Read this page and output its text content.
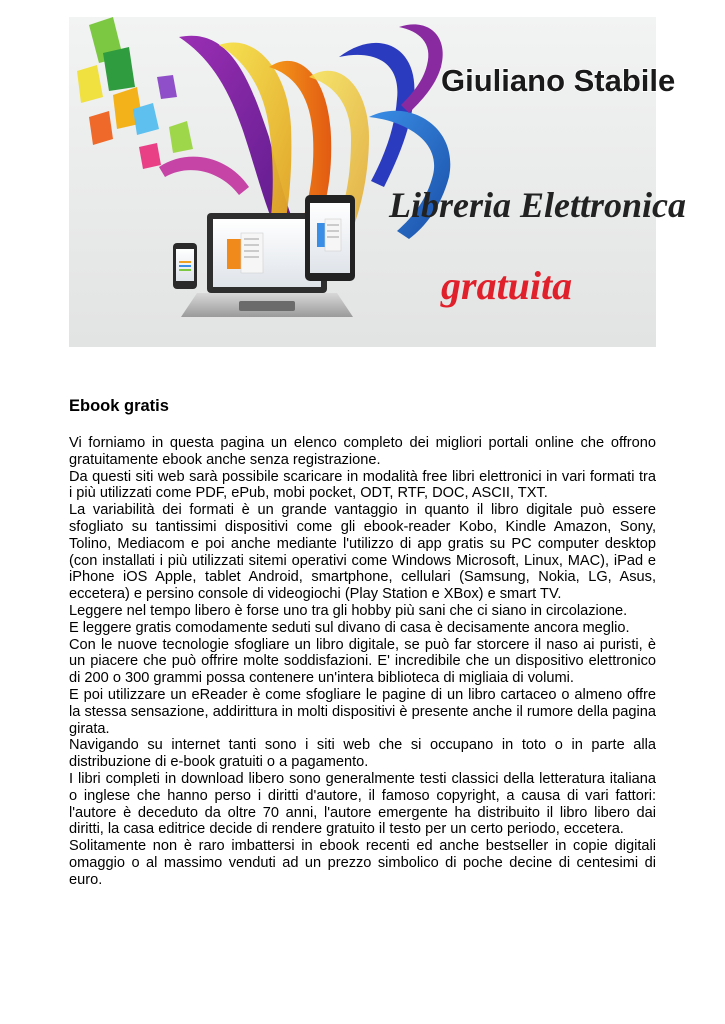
Giuliano Stabile
Libreria Elettronica
gratuita
Ebook gratis

Vi forniamo in questa pagina un elenco completo dei migliori portali online che offrono gratuitamente ebook anche senza registrazione.

Da questi siti web sarà possibile scaricare in modalità free libri elettronici in vari formati tra i più utilizzati come PDF, ePub, mobi pocket, ODT, RTF, DOC, ASCII, TXT.

La variabilità dei formati è un grande vantaggio in quanto il libro digitale può essere sfogliato su tantissimi dispositivi come gli ebook-reader Kobo, Kindle Amazon, Sony, Tolino, Mediacom e poi anche mediante l'utilizzo di app gratis su PC computer desktop (con installati i più utilizzati sitemi operativi come Windows Microsoft, Linux, MAC), iPad e iPhone iOS Apple, tablet Android, smartphone, cellulari (Samsung, Nokia, LG, Asus, eccetera) e persino console di videogiochi (Play Station e XBox) e smart TV.

Leggere nel tempo libero è forse uno tra gli hobby più sani che ci siano in circolazione.

E leggere gratis comodamente seduti sul divano di casa è decisamente ancora meglio.

Con le nuove tecnologie sfogliare un libro digitale, se può far storcere il naso ai puristi, è un piacere che può offrire molte soddisfazioni. E' incredibile che un dispositivo elettronico di 200 o 300 grammi possa contenere un'intera biblioteca di migliaia di volumi.

E poi utilizzare un eReader è come sfogliare le pagine di un libro cartaceo o almeno offre la stessa sensazione, addirittura in molti dispositivi è presente anche il rumore della pagina girata.

Navigando su internet tanti sono i siti web che si occupano in toto o in parte alla distribuzione di e-book gratuiti o a pagamento.

I libri completi in download libero sono generalmente testi classici della letteratura italiana o inglese che hanno perso i diritti d'autore, il famoso copyright, a causa di vari fattori: l'autore è deceduto da oltre 70 anni, l'autore emergente ha distribuito il libro libero dai diritti, la casa editrice decide di rendere gratuito il testo per un certo periodo, eccetera.

Solitamente non è raro imbattersi in ebook recenti ed anche bestseller in copie digitali omaggio o al massimo venduti ad un prezzo simbolico di poche decine di centesimi di euro.
